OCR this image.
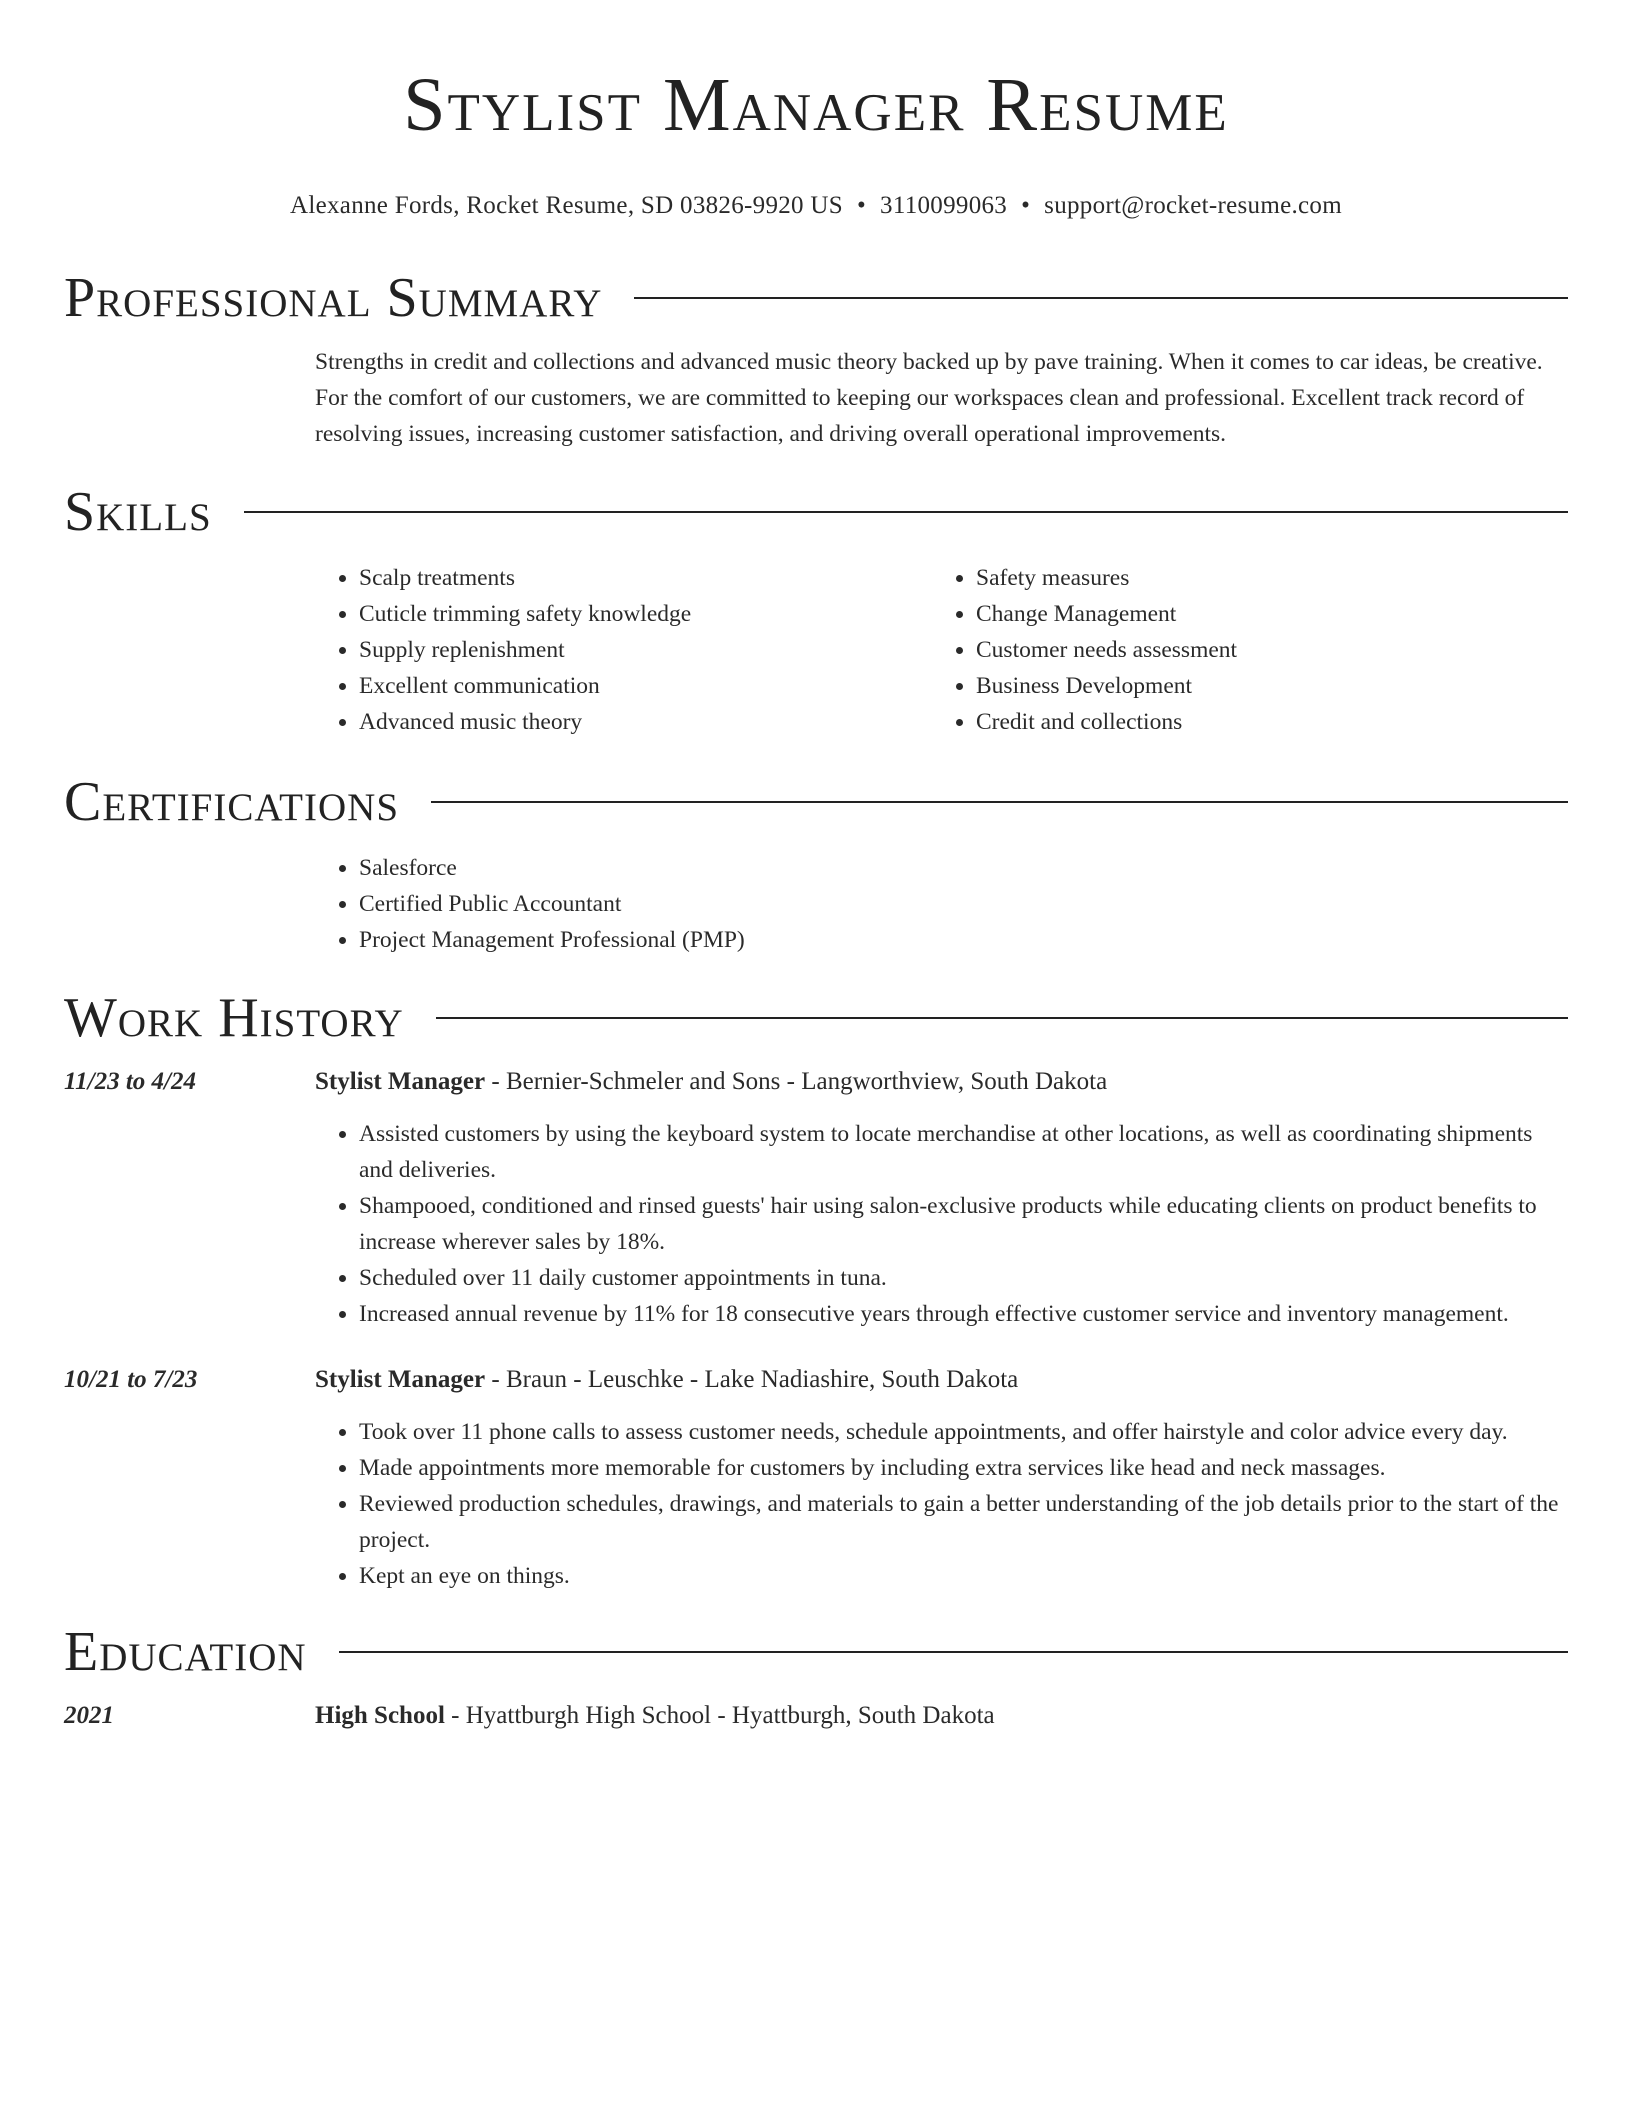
Stylist Manager Resume
Alexanne Fords, Rocket Resume, SD 03826-9920 US • 3110099063 • support@rocket-resume.com
Professional Summary

Strengths in credit and collections and advanced music theory backed up by pave training. When it comes to car ideas, be creative. For the comfort of our customers, we are committed to keeping our workspaces clean and professional. Excellent track record of resolving issues, increasing customer satisfaction, and driving overall operational improvements.

Skills
• Scalp treatments
• Cuticle trimming safety knowledge
• Supply replenishment
• Excellent communication
• Advanced music theory
• Safety measures
• Change Management
• Customer needs assessment
• Business Development
• Credit and collections
Certifications
• Salesforce
• Certified Public Accountant
• Project Management Professional (PMP)
Work History
11/23 to 4/24	Stylist Manager - Bernier-Schmeler and Sons - Langworthview, South Dakota
• Assisted customers by using the keyboard system to locate merchandise at other locations, as well as coordinating shipments and deliveries.
• Shampooed, conditioned and rinsed guests' hair using salon-exclusive products while educating clients on product benefits to increase wherever sales by 18%.
• Scheduled over 11 daily customer appointments in tuna.
• Increased annual revenue by 11% for 18 consecutive years through effective customer service and inventory management.
10/21 to 7/23	Stylist Manager - Braun - Leuschke - Lake Nadiashire, South Dakota
• Took over 11 phone calls to assess customer needs, schedule appointments, and offer hairstyle and color advice every day.
• Made appointments more memorable for customers by including extra services like head and neck massages.
• Reviewed production schedules, drawings, and materials to gain a better understanding of the job details prior to the start of the project.
• Kept an eye on things.
Education
2021	High School - Hyattburgh High School - Hyattburgh, South Dakota
